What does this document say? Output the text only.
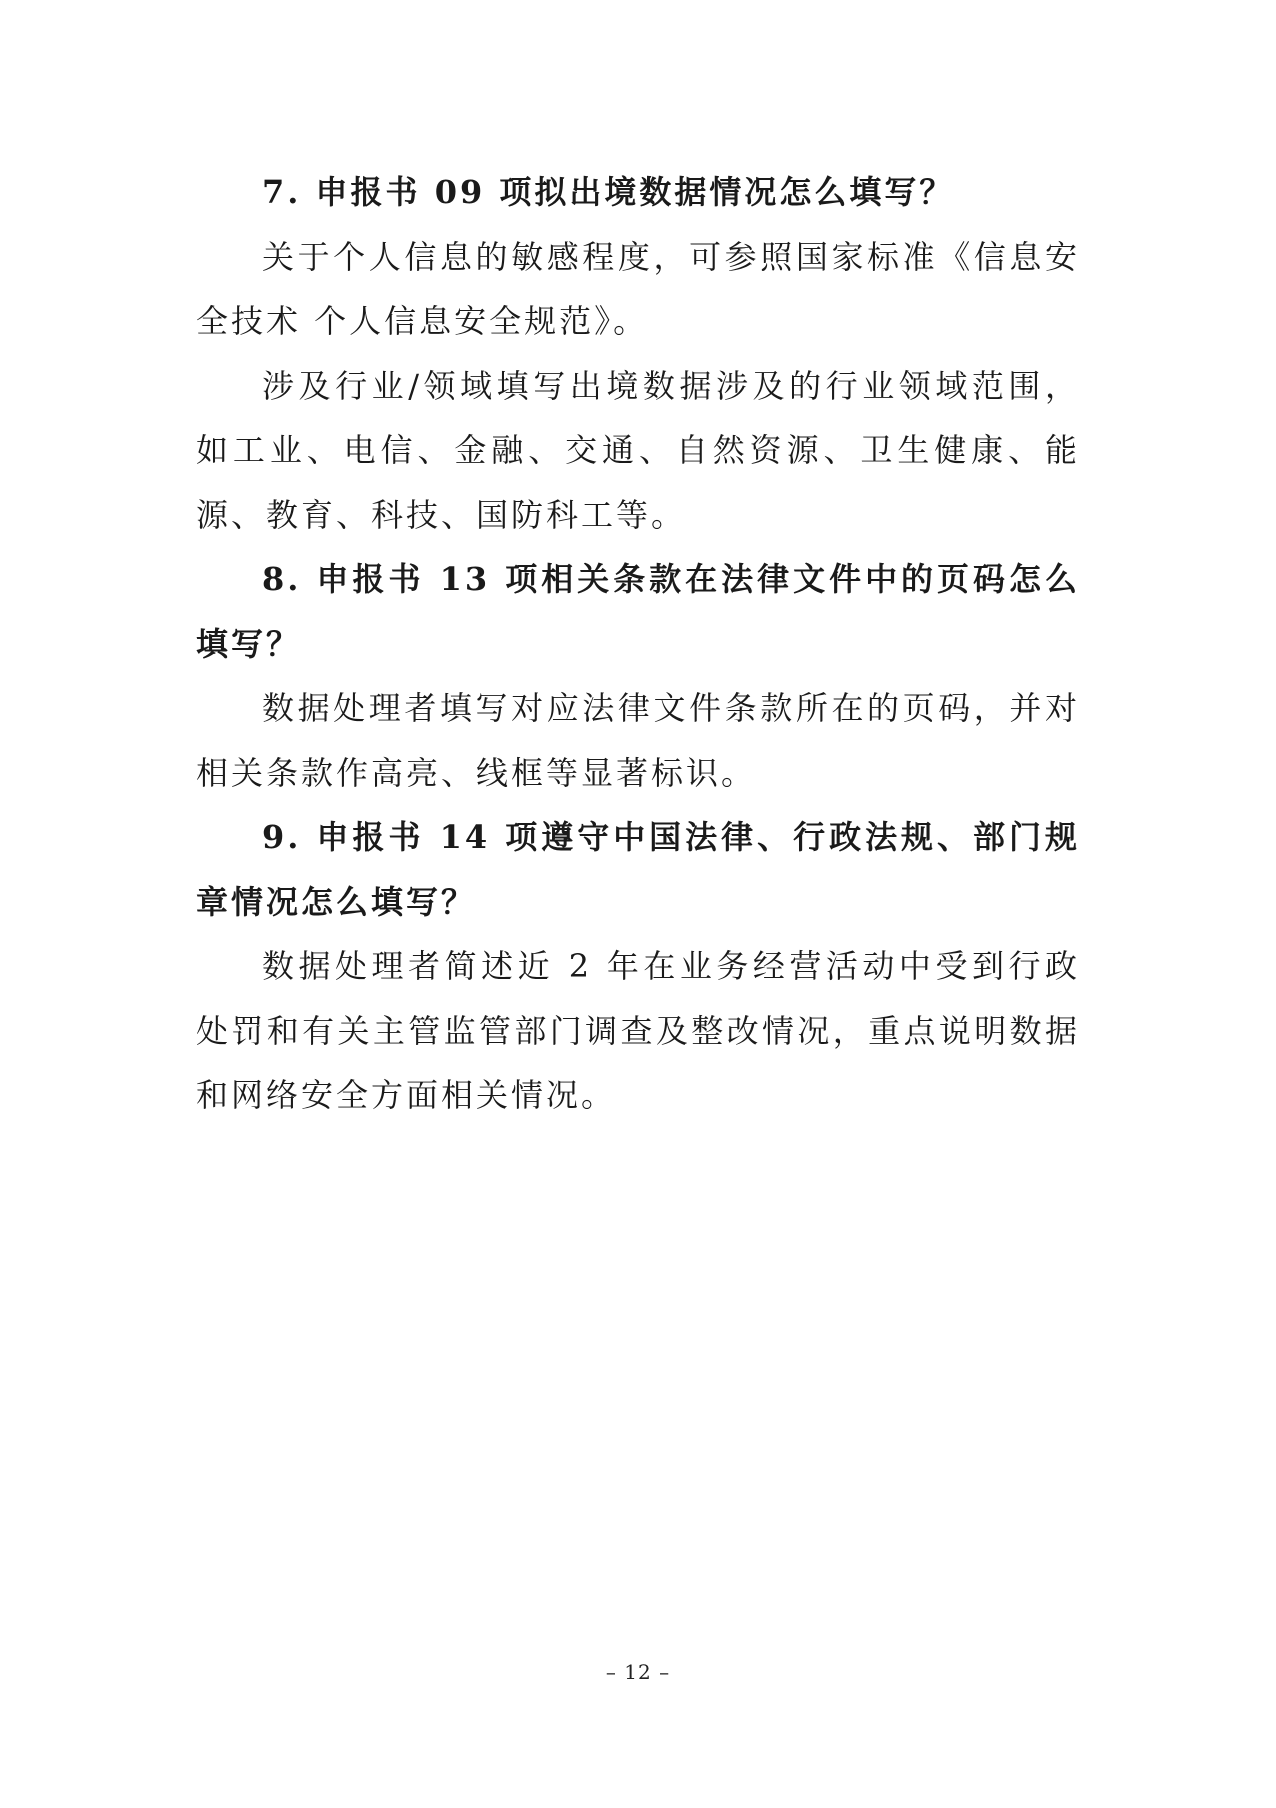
7. 申报书 09 项拟出境数据情况怎么填写？

关于个人信息的敏感程度，可参照国家标准《信息安全技术 个人信息安全规范》。

涉及行业/领域填写出境数据涉及的行业领域范围，如工业、电信、金融、交通、自然资源、卫生健康、能源、教育、科技、国防科工等。

8. 申报书 13 项相关条款在法律文件中的页码怎么填写？

数据处理者填写对应法律文件条款所在的页码，并对相关条款作高亮、线框等显著标识。

9. 申报书 14 项遵守中国法律、行政法规、部门规章情况怎么填写？

数据处理者简述近 2 年在业务经营活动中受到行政处罚和有关主管监管部门调查及整改情况，重点说明数据和网络安全方面相关情况。

– 12 –
